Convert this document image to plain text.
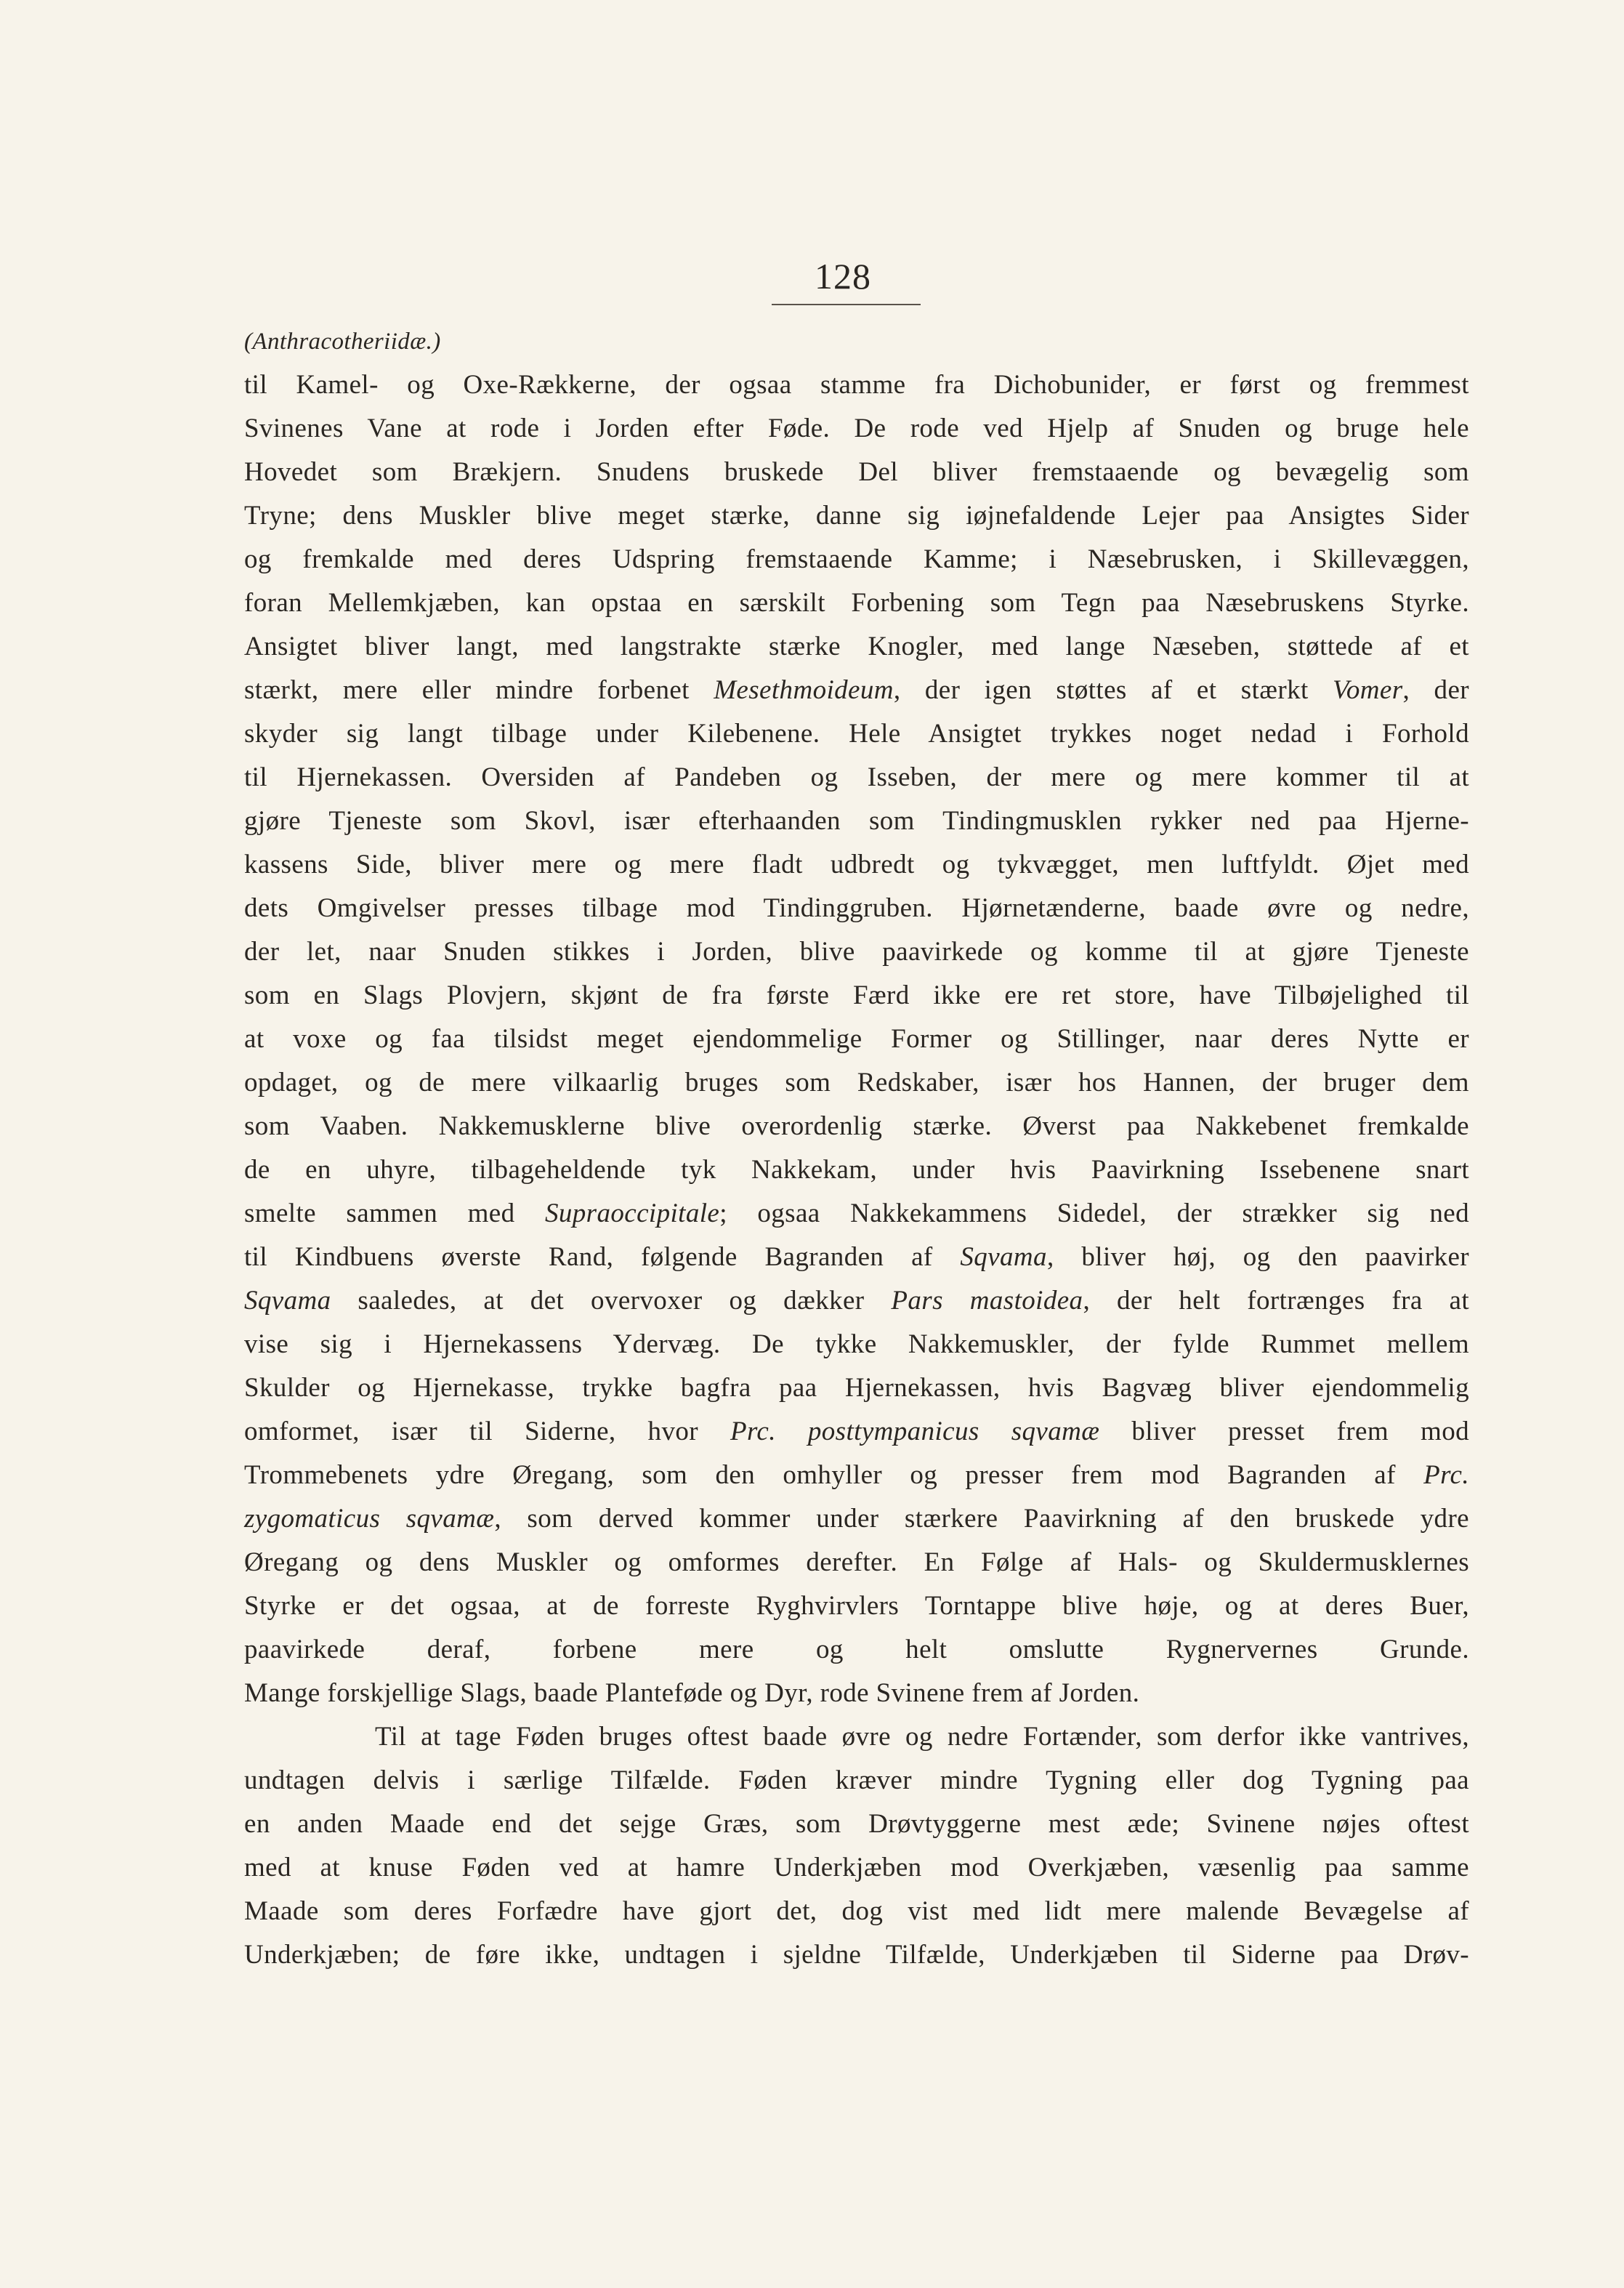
128
(Anthracotheriidæ.)
til Kamel- og Oxe-Rækkerne, der ogsaa stamme fra Dichobunider, er først og fremmest
Svinenes Vane at rode i Jorden efter Føde. De rode ved Hjelp af Snuden og bruge hele
Hovedet som Brækjern. Snudens bruskede Del bliver fremstaaende og bevægelig som
Tryne; dens Muskler blive meget stærke, danne sig iøjnefaldende Lejer paa Ansigtes Sider
og fremkalde med deres Udspring fremstaaende Kamme; i Næsebrusken, i Skillevæggen,
foran Mellemkjæben, kan opstaa en særskilt Forbening som Tegn paa Næsebruskens Styrke.
Ansigtet bliver langt, med langstrakte stærke Knogler, med lange Næseben, støttede af et
stærkt, mere eller mindre forbenet Mesethmoideum, der igen støttes af et stærkt Vomer, der
skyder sig langt tilbage under Kilebenene. Hele Ansigtet trykkes noget nedad i Forhold
til Hjernekassen. Oversiden af Pandeben og Isseben, der mere og mere kommer til at
gjøre Tjeneste som Skovl, især efterhaanden som Tindingmusklen rykker ned paa Hjerne-
kassens Side, bliver mere og mere fladt udbredt og tykvægget, men luftfyldt. Øjet med
dets Omgivelser presses tilbage mod Tindinggruben. Hjørnetænderne, baade øvre og nedre,
der let, naar Snuden stikkes i Jorden, blive paavirkede og komme til at gjøre Tjeneste
som en Slags Plovjern, skjønt de fra første Færd ikke ere ret store, have Tilbøjelighed til
at voxe og faa tilsidst meget ejendommelige Former og Stillinger, naar deres Nytte er
opdaget, og de mere vilkaarlig bruges som Redskaber, især hos Hannen, der bruger dem
som Vaaben. Nakkemusklerne blive overordenlig stærke. Øverst paa Nakkebenet fremkalde
de en uhyre, tilbageheldende tyk Nakkekam, under hvis Paavirkning Issebenene snart
smelte sammen med Supraoccipitale; ogsaa Nakkekammens Sidedel, der strækker sig ned
til Kindbuens øverste Rand, følgende Bagranden af Sqvama, bliver høj, og den paavirker
Sqvama saaledes, at det overvoxer og dækker Pars mastoidea, der helt fortrænges fra at
vise sig i Hjernekassens Ydervæg. De tykke Nakkemuskler, der fylde Rummet mellem
Skulder og Hjernekasse, trykke bagfra paa Hjernekassen, hvis Bagvæg bliver ejendommelig
omformet, især til Siderne, hvor Prc. posttympanicus sqvamæ bliver presset frem mod
Trommebenets ydre Øregang, som den omhyller og presser frem mod Bagranden af Prc.
zygomaticus sqvamæ, som derved kommer under stærkere Paavirkning af den bruskede ydre
Øregang og dens Muskler og omformes derefter. En Følge af Hals- og Skuldermusklernes
Styrke er det ogsaa, at de forreste Ryghvirvlers Torntappe blive høje, og at deres Buer,
paavirkede deraf, forbene mere og helt omslutte Rygnervernes Grunde.
Mange forskjellige Slags, baade Plantefødе og Dyr, rode Svinene frem af Jorden.
Til at tage Føden bruges oftest baade øvre og nedre Fortænder, som derfor ikke vantrives,
undtagen delvis i særlige Tilfælde. Føden kræver mindre Tygning eller dog Tygning paa
en anden Maade end det sejge Græs, som Drøvtyggerne mest æde; Svinene nøjes oftest
med at knuse Føden ved at hamre Underkjæben mod Overkjæben, væsenlig paa samme
Maade som deres Forfædre have gjort det, dog vist med lidt mere malende Bevægelse af
Underkjæben; de føre ikke, undtagen i sjeldne Tilfælde, Underkjæben til Siderne paa Drøv-
